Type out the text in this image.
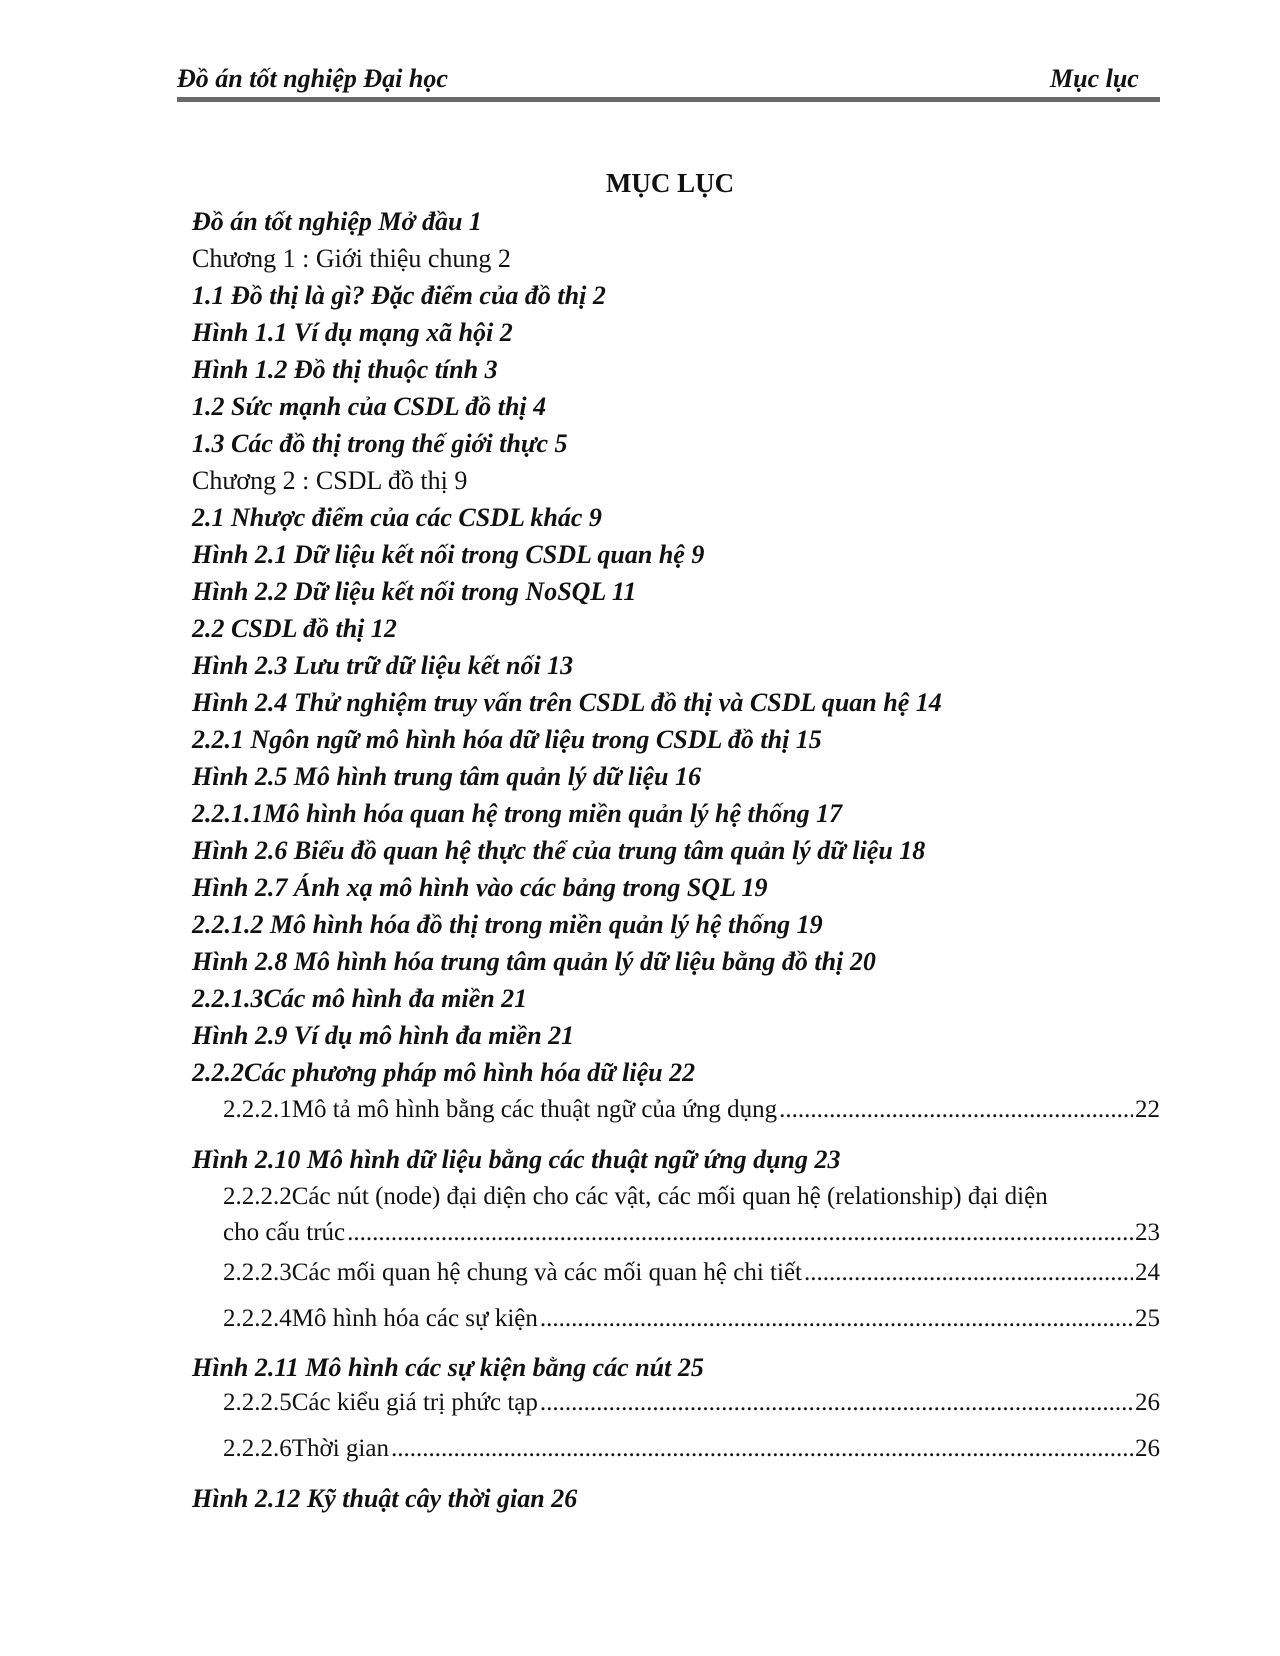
Đồ án tốt nghiệp Đại học	Mục lục
MỤC LỤC
Đồ án tốt nghiệp Mở đầu 1
Chương 1 : Giới thiệu chung 2
1.1 Đồ thị là gì? Đặc điểm của đồ thị 2
Hình 1.1 Ví dụ mạng xã hội 2
Hình 1.2 Đồ thị thuộc tính 3
1.2 Sức mạnh của CSDL đồ thị 4
1.3 Các đồ thị trong thế giới thực 5
Chương 2 : CSDL đồ thị 9
2.1 Nhược điểm của các CSDL khác 9
Hình 2.1 Dữ liệu kết nối trong CSDL quan hệ 9
Hình 2.2 Dữ liệu kết nối trong NoSQL 11
2.2 CSDL đồ thị 12
Hình 2.3 Lưu trữ dữ liệu kết nối 13
Hình 2.4 Thử nghiệm truy vấn trên CSDL đồ thị và CSDL quan hệ 14
2.2.1 Ngôn ngữ mô hình hóa dữ liệu trong CSDL đồ thị 15
Hình 2.5 Mô hình trung tâm quản lý dữ liệu 16
2.2.1.1Mô hình hóa quan hệ trong miền quản lý hệ thống 17
Hình 2.6 Biểu đồ quan hệ thực thể của trung tâm quản lý dữ liệu 18
Hình 2.7 Ánh xạ mô hình vào các bảng trong SQL 19
2.2.1.2 Mô hình hóa đồ thị trong miền quản lý hệ thống 19
Hình 2.8 Mô hình hóa trung tâm quản lý dữ liệu bằng đồ thị 20
2.2.1.3Các mô hình đa miền 21
Hình 2.9 Ví dụ mô hình đa miền 21
2.2.2Các phương pháp mô hình hóa dữ liệu 22
2.2.2.1Mô tả mô hình bằng các thuật ngữ của ứng dụng .....	22
Hình 2.10 Mô hình dữ liệu bằng các thuật ngữ ứng dụng 23
2.2.2.2Các nút (node) đại diện cho các vật, các mối quan hệ (relationship) đại diện
cho cấu trúc .....	23
2.2.2.3Các mối quan hệ chung và các mối quan hệ chi tiết .....	24
2.2.2.4Mô hình hóa các sự kiện .....	25
Hình 2.11 Mô hình các sự kiện bằng các nút 25
2.2.2.5Các kiểu giá trị phức tạp .....	26
2.2.2.6Thời gian .....	26
Hình 2.12 Kỹ thuật cây thời gian 26
